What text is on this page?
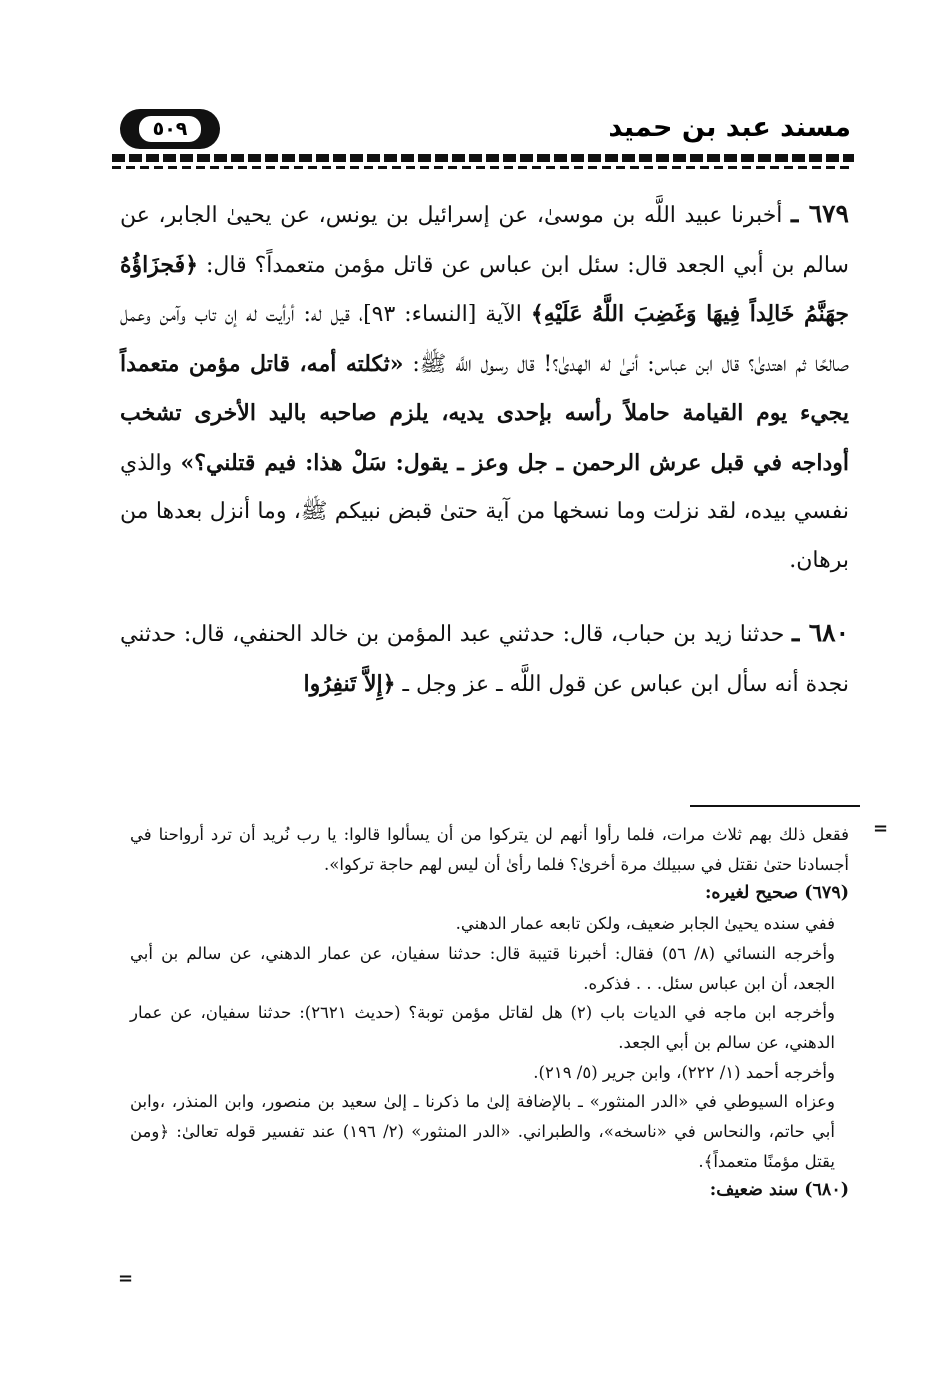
مسند عبد بن حميد
٥٠٩

٦٧٩ ـ أخبرنا عبيد اللَّه بن موسىٰ، عن إسرائيل بن يونس، عن يحيىٰ الجابر، عن سالم بن أبي الجعد قال: سئل ابن عباس عن قاتل مؤمن متعمداً؟ قال: ﴿فَجزَاؤُهُ جهَنَّمُ خَالِداً فِيهَا وَغَضِبَ اللَّهُ عَلَيْهِ﴾ الآية [النساء: ٩٣]، قيل له: أرأيت له إن تاب وآمن وعمل صالحًا ثم اهتدىٰ؟ قال ابن عباس: أنىٰ له الهدىٰ؟! قال رسول اللَّه ﷺ: «ثكلته أمه، قاتل مؤمن متعمداً يجيء يوم القيامة حاملاً رأسه بإحدى يديه، يلزم صاحبه باليد الأخرى تشخب أوداجه في قبل عرش الرحمن ـ جل وعز ـ يقول: سَلْ هذا: فيم قتلني؟» والذي نفسي بيده، لقد نزلت وما نسخها من آية حتىٰ قبض نبيكم ﷺ، وما أنزل بعدها من برهان.

٦٨٠ ـ حدثنا زيد بن حباب، قال: حدثني عبد المؤمن بن خالد الحنفي، قال: حدثني نجدة أنه سأل ابن عباس عن قول اللَّه ـ عز وجل ـ ﴿إِلاَّ تَنفِرُوا

=

فقعل ذلك بهم ثلاث مرات، فلما رأوا أنهم لن يتركوا من أن يسألوا قالوا: يا رب نُريد أن ترد أرواحنا في أجسادنا حتىٰ نقتل في سبيلك مرة أخرىٰ؟ فلما رأىٰ أن ليس لهم حاجة تركوا».

(٦٧٩) صحيح لغيره:

ففي سنده يحيىٰ الجابر ضعيف، ولكن تابعه عمار الدهني.

وأخرجه النسائي (٨/ ٥٦) فقال: أخبرنا قتيبة قال: حدثنا سفيان، عن عمار الدهني، عن سالم بن أبي الجعد، أن ابن عباس سئل. . . فذكره.

وأخرجه ابن ماجه في الديات باب (٢) هل لقاتل مؤمن توبة؟ (حديث ٢٦٢١): حدثنا سفيان، عن عمار الدهني، عن سالم بن أبي الجعد.

وأخرجه أحمد (١/ ٢٢٢)، وابن جرير (٥/ ٢١٩).

وعزاه السيوطي في «الدر المنثور» ـ بالإضافة إلىٰ ما ذكرنا ـ إلىٰ سعيد بن منصور، وابن المنذر، ،وابن أبي حاتم، والنحاس في «ناسخه»، والطبراني. «الدر المنثور» (٢/ ١٩٦) عند تفسير قوله تعالىٰ: ﴿ومن يقتل مؤمنًا متعمداً﴾.

(٦٨٠) سند ضعيف:

=
